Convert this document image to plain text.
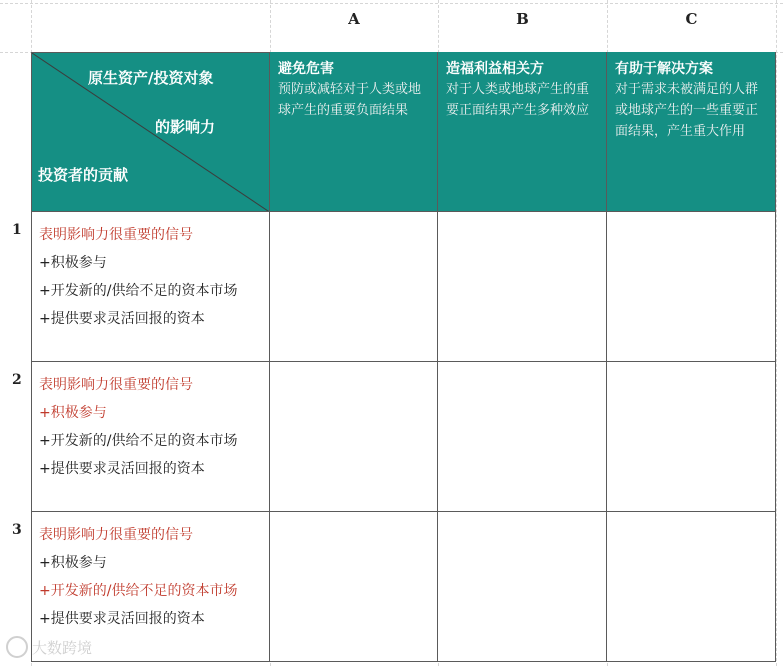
A	B	C
1
2
3
原生资产/投资对象
的影响力
投资者的贡献
避免危害
预防或减轻对于人类或地球产生的重要负面结果
造福利益相关方
对于人类或地球产生的重要正面结果产生多种效应
有助于解决方案
对于需求未被满足的人群或地球产生的一些重要正面结果，产生重大作用
表明影响力很重要的信号
+积极参与
+开发新的/供给不足的资本市场
+提供要求灵活回报的资本
表明影响力很重要的信号
+积极参与
+开发新的/供给不足的资本市场
+提供要求灵活回报的资本
表明影响力很重要的信号
+积极参与
+开发新的/供给不足的资本市场
+提供要求灵活回报的资本
大数跨境
